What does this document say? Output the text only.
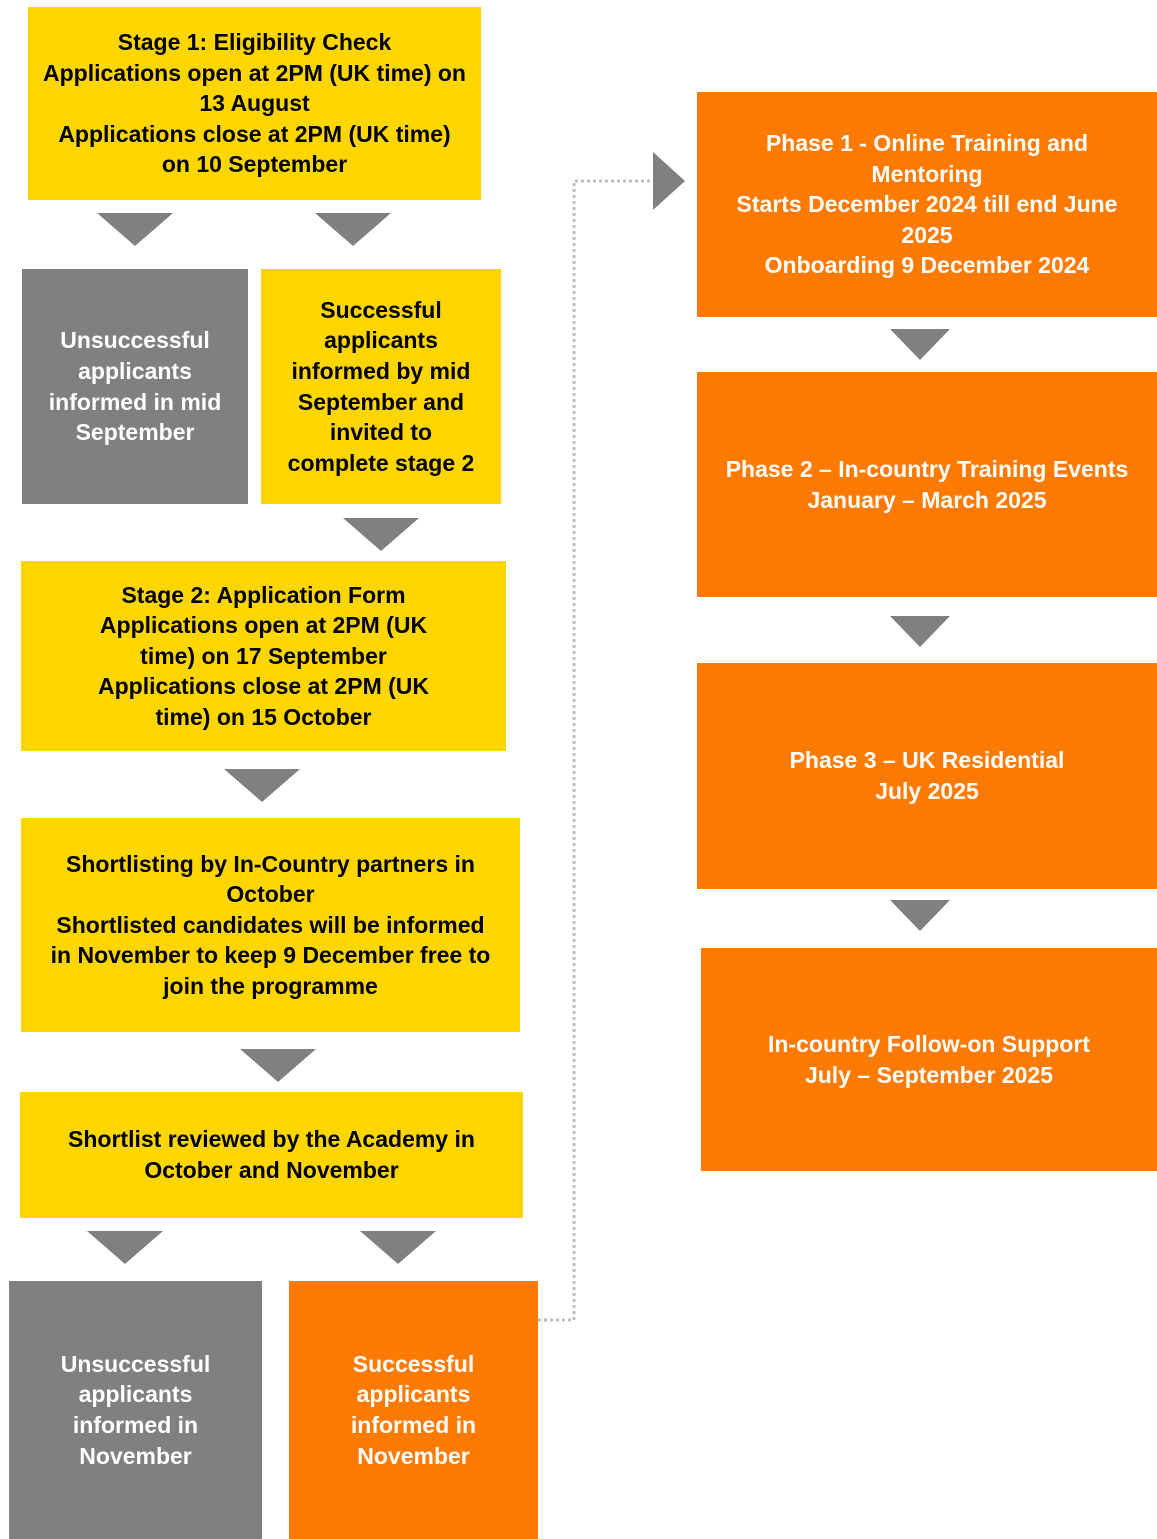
Stage 1: Eligibility Check
Applications open at 2PM (UK time) on 13 August
Applications close at 2PM (UK time) on 10 September
Unsuccessful applicants informed in mid September
Successful applicants informed by mid September and invited to complete stage 2
Stage 2: Application Form
Applications open at 2PM (UK time) on 17 September
Applications close at 2PM (UK time) on 15 October
Shortlisting by In-Country partners in October
Shortlisted candidates will be informed in November to keep 9 December free to join the programme
Shortlist reviewed by the Academy in October and November
Unsuccessful applicants informed in November
Successful applicants informed in November
Phase 1 - Online Training and Mentoring
Starts December 2024 till end June 2025
Onboarding 9 December 2024
Phase 2 – In-country Training Events
January – March 2025
Phase 3 – UK Residential
July 2025
In-country Follow-on Support
July – September 2025
